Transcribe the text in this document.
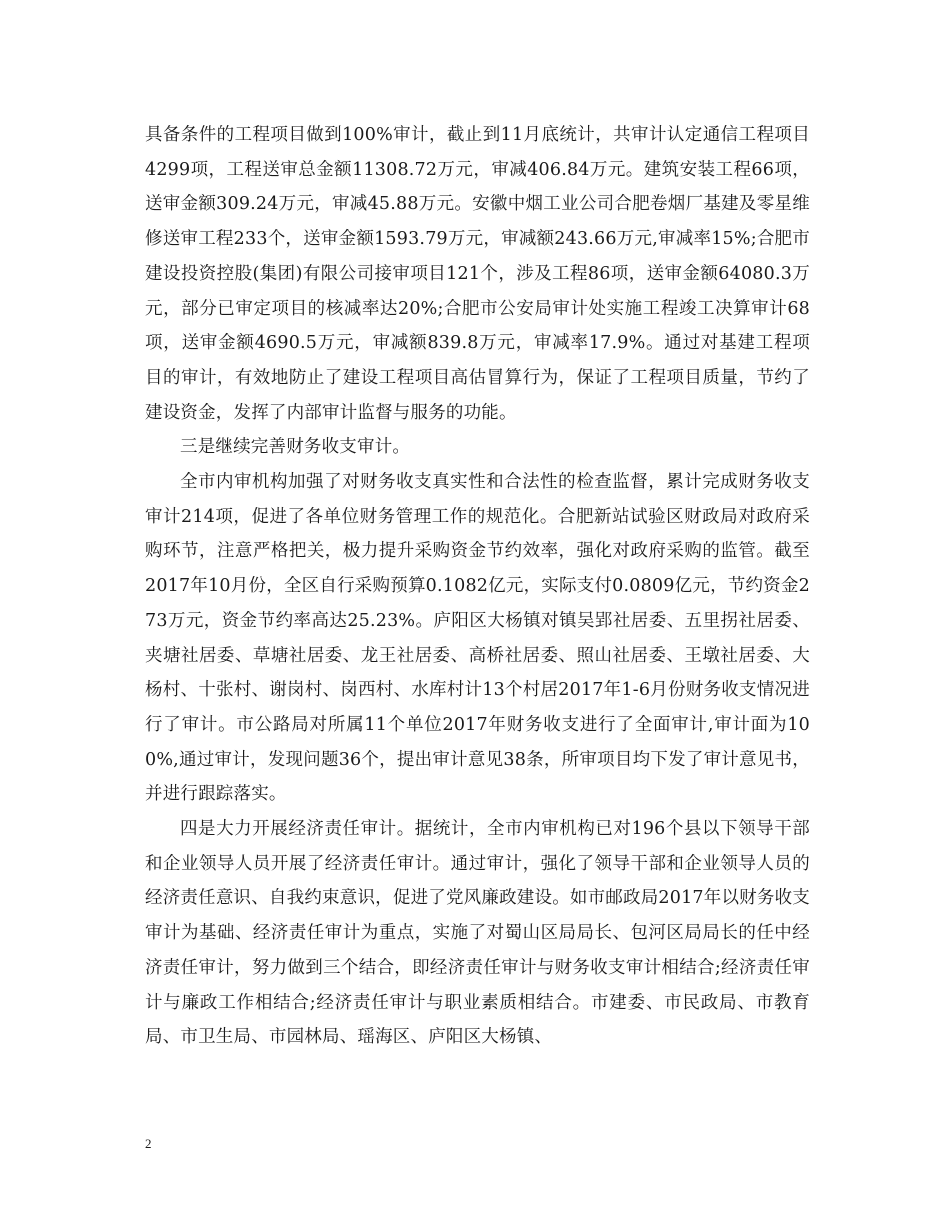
具备条件的工程项目做到100%审计，截止到11月底统计，共审计认定通信工程项目4299项，工程送审总金额11308.72万元，审减406.84万元。建筑安装工程66项，送审金额309.24万元，审减45.88万元。安徽中烟工业公司合肥卷烟厂基建及零星维修送审工程233个，送审金额1593.79万元，审减额243.66万元,审减率15%;合肥市建设投资控股(集团)有限公司接审项目121个，涉及工程86项，送审金额64080.3万元，部分已审定项目的核减率达20%;合肥市公安局审计处实施工程竣工决算审计68项，送审金额4690.5万元，审减额839.8万元，审减率17.9%。通过对基建工程项目的审计，有效地防止了建设工程项目高估冒算行为，保证了工程项目质量，节约了建设资金，发挥了内部审计监督与服务的功能。

三是继续完善财务收支审计。

全市内审机构加强了对财务收支真实性和合法性的检查监督，累计完成财务收支审计214项，促进了各单位财务管理工作的规范化。合肥新站试验区财政局对政府采购环节，注意严格把关，极力提升采购资金节约效率，强化对政府采购的监管。截至2017年10月份，全区自行采购预算0.1082亿元，实际支付0.0809亿元，节约资金273万元，资金节约率高达25.23%。庐阳区大杨镇对镇吴郢社居委、五里拐社居委、夹塘社居委、草塘社居委、龙王社居委、高桥社居委、照山社居委、王墩社居委、大杨村、十张村、谢岗村、岗西村、水库村计13个村居2017年1-6月份财务收支情况进行了审计。市公路局对所属11个单位2017年财务收支进行了全面审计,审计面为100%,通过审计，发现问题36个，提出审计意见38条，所审项目均下发了审计意见书，并进行跟踪落实。

四是大力开展经济责任审计。据统计，全市内审机构已对196个县以下领导干部和企业领导人员开展了经济责任审计。通过审计，强化了领导干部和企业领导人员的经济责任意识、自我约束意识，促进了党风廉政建设。如市邮政局2017年以财务收支审计为基础、经济责任审计为重点，实施了对蜀山区局局长、包河区局局长的任中经济责任审计，努力做到三个结合，即经济责任审计与财务收支审计相结合;经济责任审计与廉政工作相结合;经济责任审计与职业素质相结合。市建委、市民政局、市教育局、市卫生局、市园林局、瑶海区、庐阳区大杨镇、

2
